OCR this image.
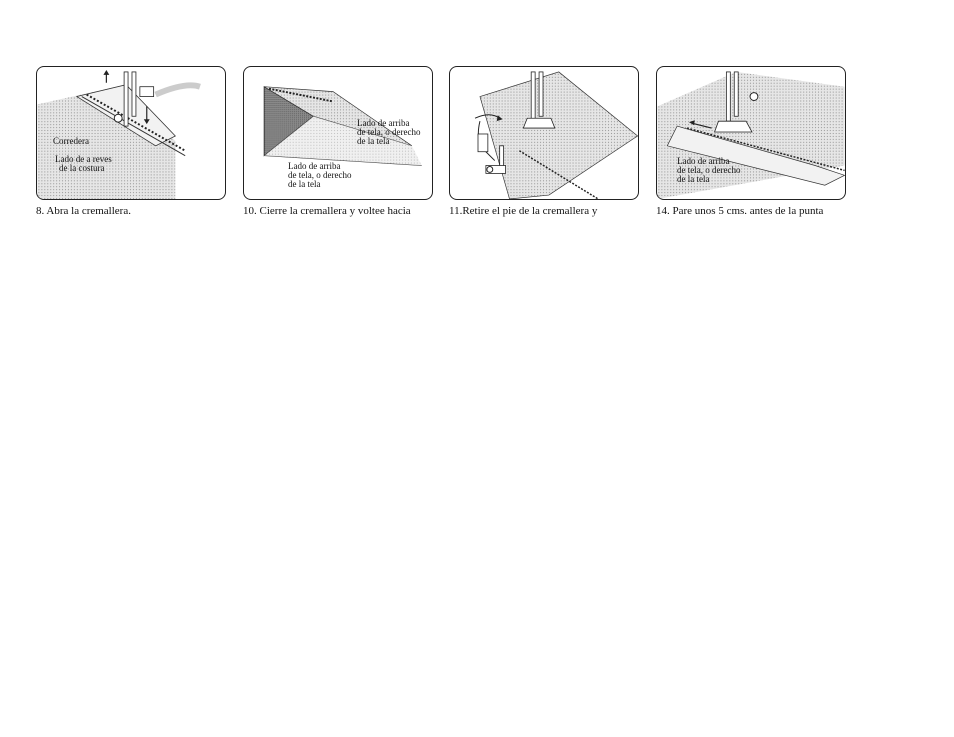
Corredera
Lado de a reves
de la costura
Lado de arriba
de tela, o derecho
de la tela
Lado de arriba
de tela, o derecho
de la tela
Lado de arriba
de tela, o derecho
de la tela
8. Abra la cremallera.	10. Cierre la cremallera y voltee hacia	11.Retire el pie de la cremallera y	14. Pare unos 5 cms. antes de la punta
